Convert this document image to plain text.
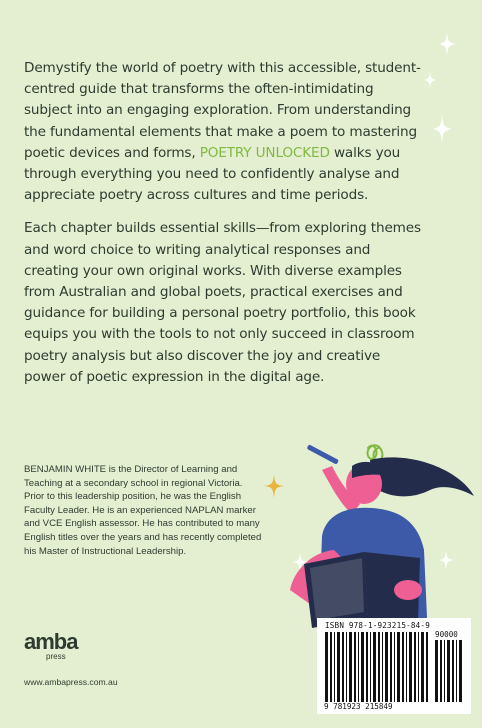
Demystify the world of poetry with this accessible, student-centred guide that transforms the often-intimidating subject into an engaging exploration. From understanding the fundamental elements that make a poem to mastering poetic devices and forms, POETRY UNLOCKED walks you through everything you need to confidently analyse and appreciate poetry across cultures and time periods.

Each chapter builds essential skills—from exploring themes and word choice to writing analytical responses and creating your own original works. With diverse examples from Australian and global poets, practical exercises and guidance for building a personal poetry portfolio, this book equips you with the tools to not only succeed in classroom poetry analysis but also discover the joy and creative power of poetic expression in the digital age.

BENJAMIN WHITE is the Director of Learning and Teaching at a secondary school in regional Victoria. Prior to this leadership position, he was the English Faculty Leader. He is an experienced NAPLAN marker and VCE English assessor. He has contributed to many English titles over the years and has recently completed his Master of Instructional Leadership.
amba
press
www.ambapress.com.au
ISBN 978-1-923215-84-9
90000
9 781923 215849
